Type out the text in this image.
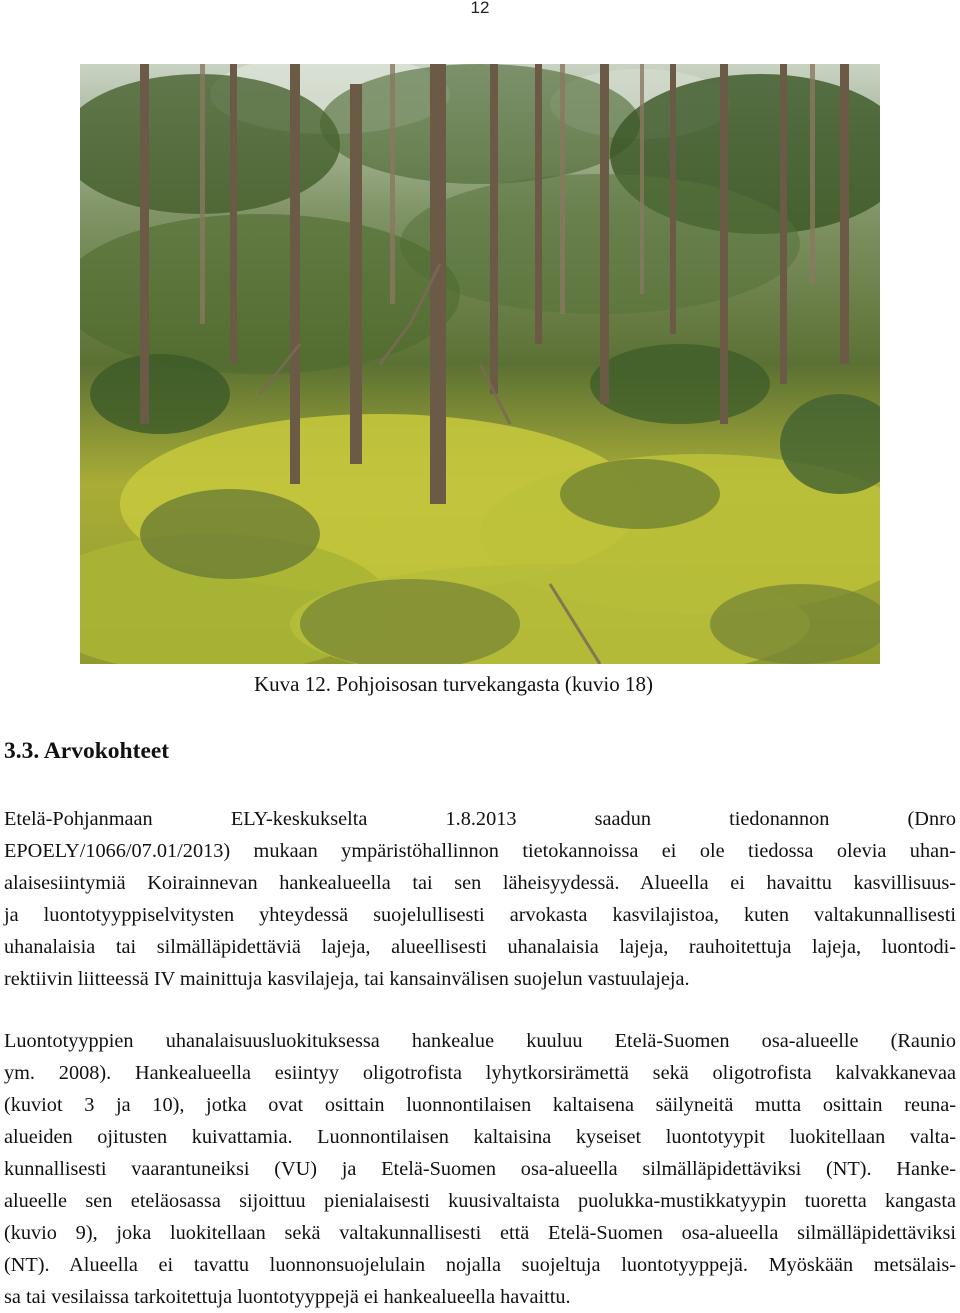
12
Kuva 12. Pohjoisosan turvekangasta (kuvio 18)
3.3. Arvokohteet
Etelä-Pohjanmaan ELY-keskukselta 1.8.2013 saadun tiedonannon (Dnro
EPOELY/1066/07.01/2013) mukaan ympäristöhallinnon tietokannoissa ei ole tiedossa olevia uhan-
alaisesiintymiä Koirainnevan hankealueella tai sen läheisyydessä. Alueella ei havaittu kasvillisuus-
ja luontotyyppiselvitysten yhteydessä suojelullisesti arvokasta kasvilajistoa, kuten valtakunnallisesti
uhanalaisia tai silmälläpidettäviä lajeja, alueellisesti uhanalaisia lajeja, rauhoitettuja lajeja, luontodi-
rektiivin liitteessä IV mainittuja kasvilajeja, tai kansainvälisen suojelun vastuulajeja.
Luontotyyppien uhanalaisuusluokituksessa hankealue kuuluu Etelä-Suomen osa-alueelle (Raunio
ym. 2008). Hankealueella esiintyy oligotrofista lyhytkorsirämettä sekä oligotrofista kalvakkanevaa
(kuviot 3 ja 10), jotka ovat osittain luonnontilaisen kaltaisena säilyneitä mutta osittain reuna-
alueiden ojitusten kuivattamia. Luonnontilaisen kaltaisina kyseiset luontotyypit luokitellaan valta-
kunnallisesti vaarantuneiksi (VU) ja Etelä-Suomen osa-alueella silmälläpidettäviksi (NT). Hanke-
alueelle sen eteläosassa sijoittuu pienialaisesti kuusivaltaista puolukka-mustikkatyypin tuoretta kangasta
(kuvio 9), joka luokitellaan sekä valtakunnallisesti että Etelä-Suomen osa-alueella silmälläpidettäviksi
(NT). Alueella ei tavattu luonnonsuojelulain nojalla suojeltuja luontotyyppejä. Myöskään metsälais-
sa tai vesilaissa tarkoitettuja luontotyyppejä ei hankealueella havaittu.
